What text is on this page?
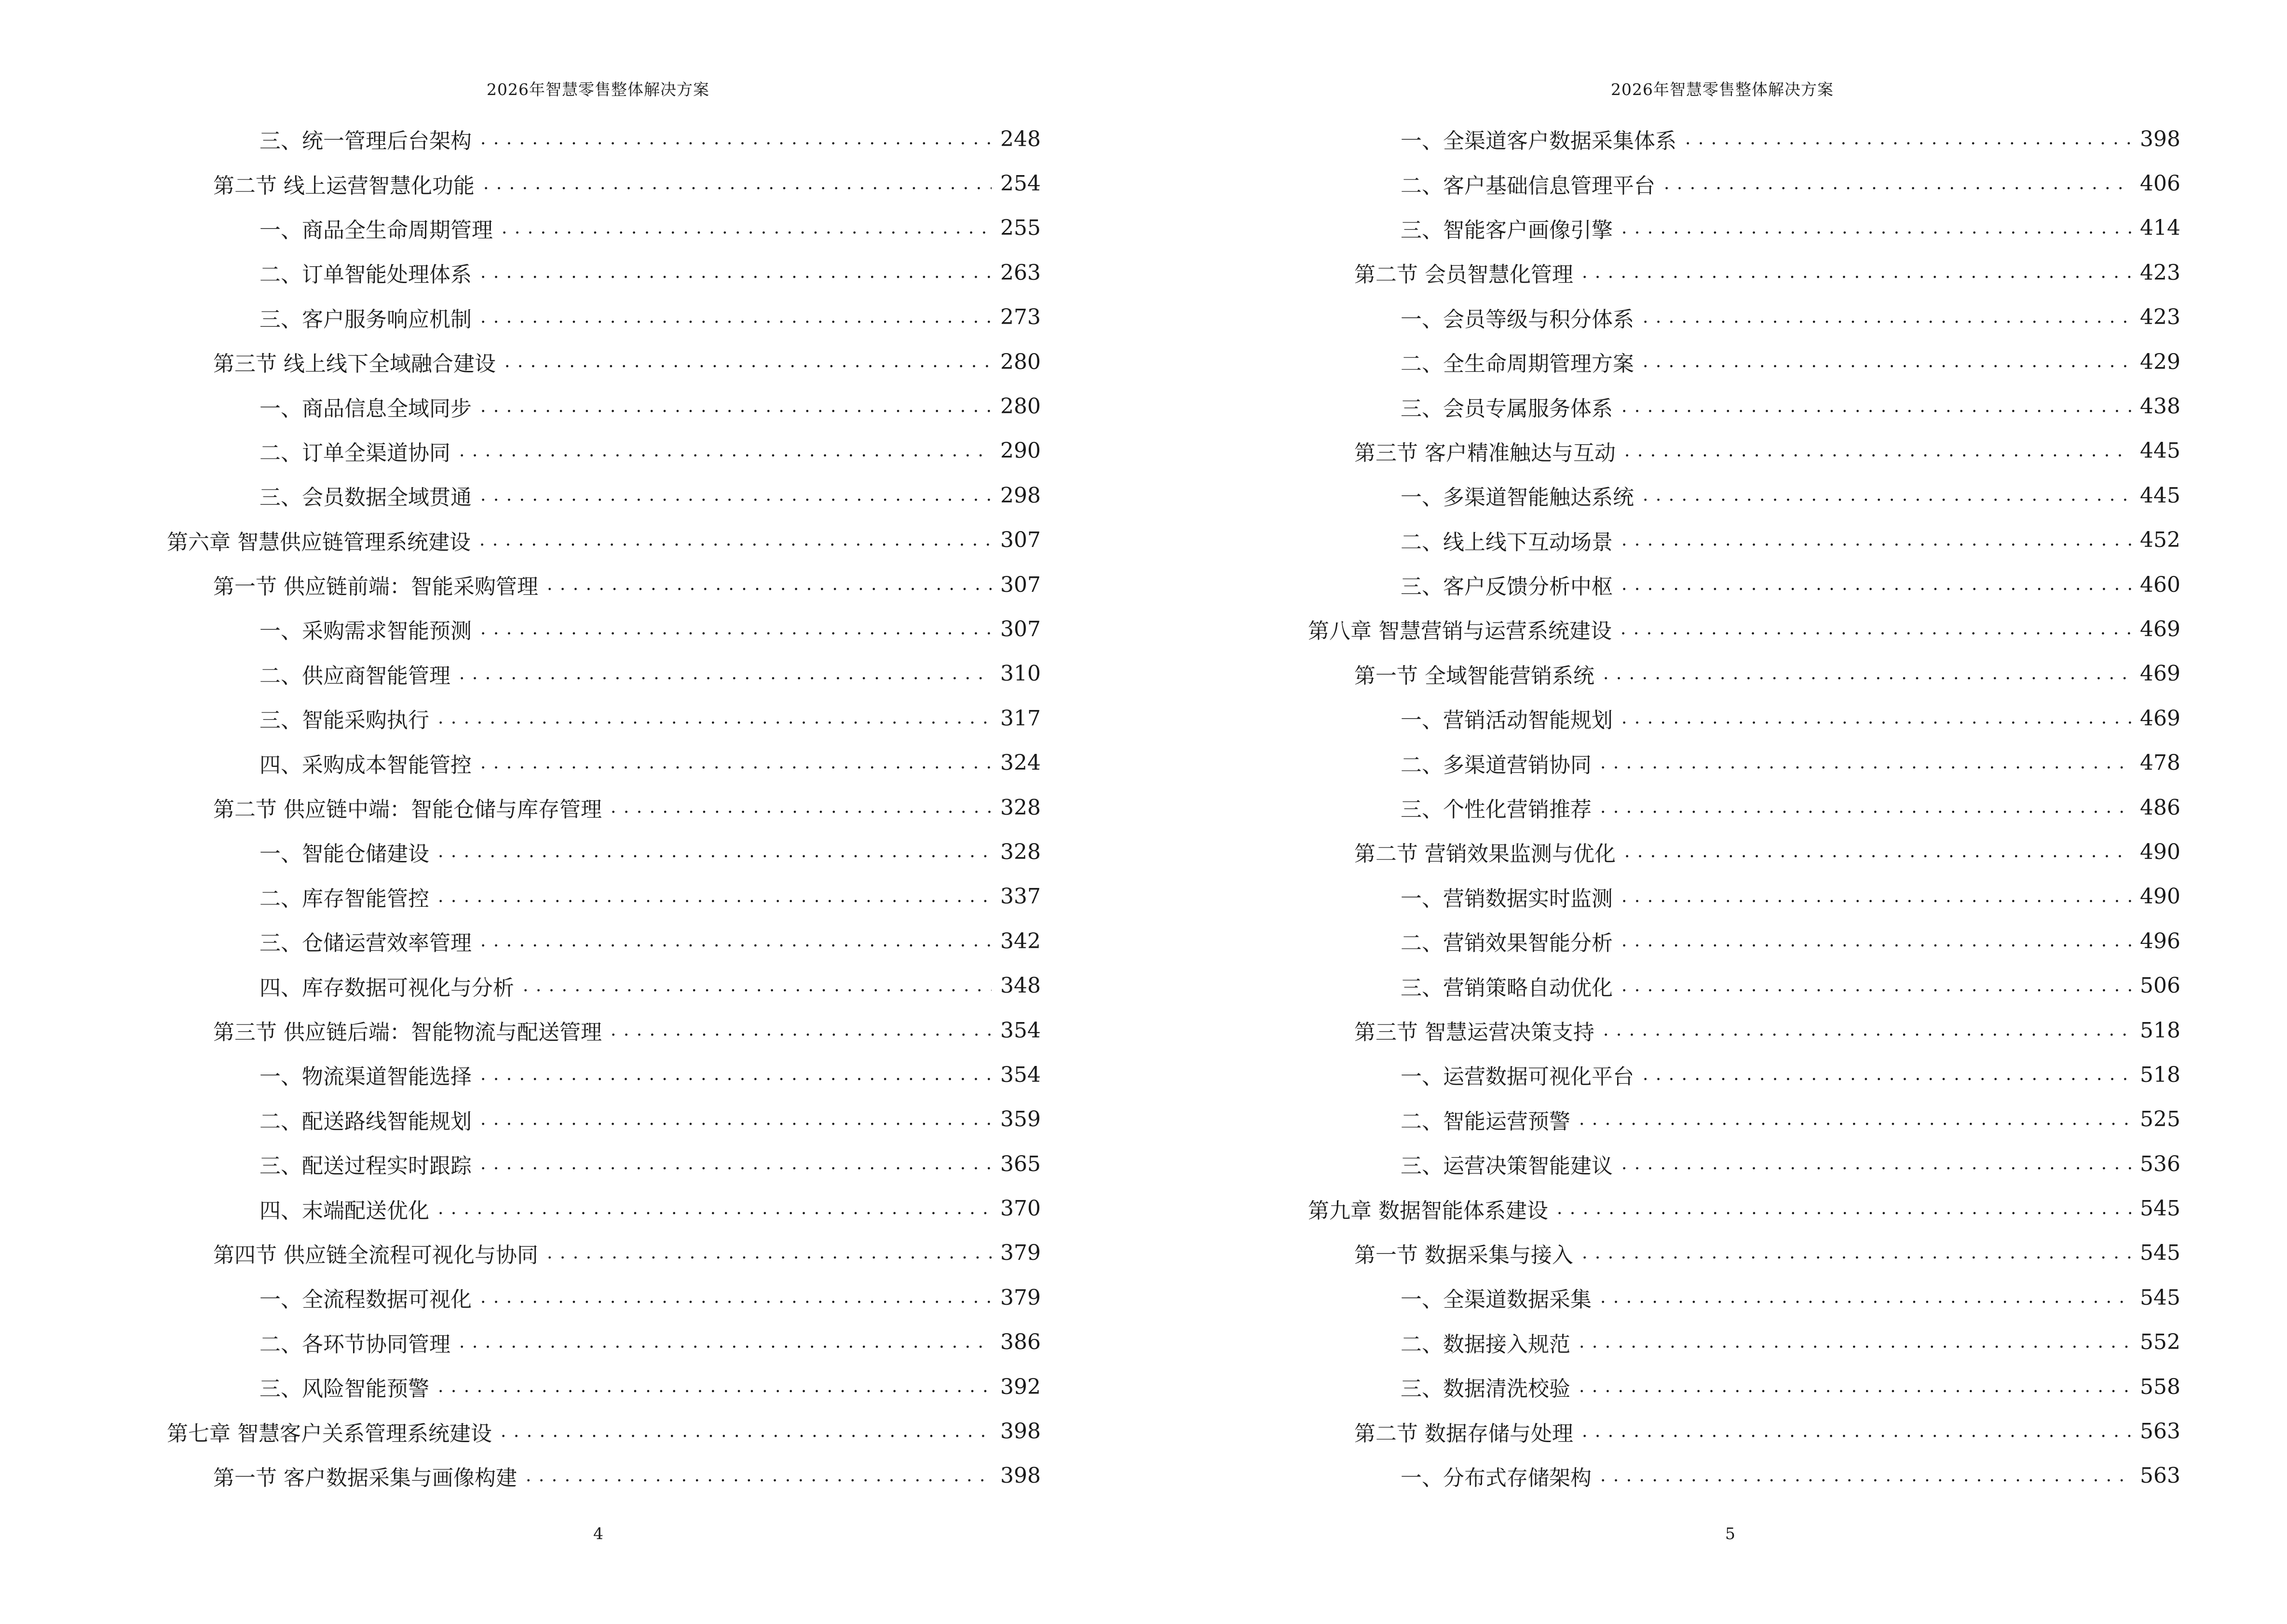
2026年智慧零售整体解决方案
三、统一管理后台架构 . . .	248
第二节 线上运营智慧化功能 . . .	254
一、商品全生命周期管理 . . .	255
二、订单智能处理体系 . . .	263
三、客户服务响应机制 . . .	273
第三节 线上线下全域融合建设 . . .	280
一、商品信息全域同步 . . .	280
二、订单全渠道协同 . . .	290
三、会员数据全域贯通 . . .	298
第六章 智慧供应链管理系统建设 . . .	307
第一节 供应链前端：智能采购管理 . . .	307
一、采购需求智能预测 . . .	307
二、供应商智能管理 . . .	310
三、智能采购执行 . . .	317
四、采购成本智能管控 . . .	324
第二节 供应链中端：智能仓储与库存管理 . . .	328
一、智能仓储建设 . . .	328
二、库存智能管控 . . .	337
三、仓储运营效率管理 . . .	342
四、库存数据可视化与分析 . . .	348
第三节 供应链后端：智能物流与配送管理 . . .	354
一、物流渠道智能选择 . . .	354
二、配送路线智能规划 . . .	359
三、配送过程实时跟踪 . . .	365
四、末端配送优化 . . .	370
第四节 供应链全流程可视化与协同 . . .	379
一、全流程数据可视化 . . .	379
二、各环节协同管理 . . .	386
三、风险智能预警 . . .	392
第七章 智慧客户关系管理系统建设 . . .	398
第一节 客户数据采集与画像构建 . . .	398
4
2026年智慧零售整体解决方案
一、全渠道客户数据采集体系 . . .	398
二、客户基础信息管理平台 . . .	406
三、智能客户画像引擎 . . .	414
第二节 会员智慧化管理 . . .	423
一、会员等级与积分体系 . . .	423
二、全生命周期管理方案 . . .	429
三、会员专属服务体系 . . .	438
第三节 客户精准触达与互动 . . .	445
一、多渠道智能触达系统 . . .	445
二、线上线下互动场景 . . .	452
三、客户反馈分析中枢 . . .	460
第八章 智慧营销与运营系统建设 . . .	469
第一节 全域智能营销系统 . . .	469
一、营销活动智能规划 . . .	469
二、多渠道营销协同 . . .	478
三、个性化营销推荐 . . .	486
第二节 营销效果监测与优化 . . .	490
一、营销数据实时监测 . . .	490
二、营销效果智能分析 . . .	496
三、营销策略自动优化 . . .	506
第三节 智慧运营决策支持 . . .	518
一、运营数据可视化平台 . . .	518
二、智能运营预警 . . .	525
三、运营决策智能建议 . . .	536
第九章 数据智能体系建设 . . .	545
第一节 数据采集与接入 . . .	545
一、全渠道数据采集 . . .	545
二、数据接入规范 . . .	552
三、数据清洗校验 . . .	558
第二节 数据存储与处理 . . .	563
一、分布式存储架构 . . .	563
5
